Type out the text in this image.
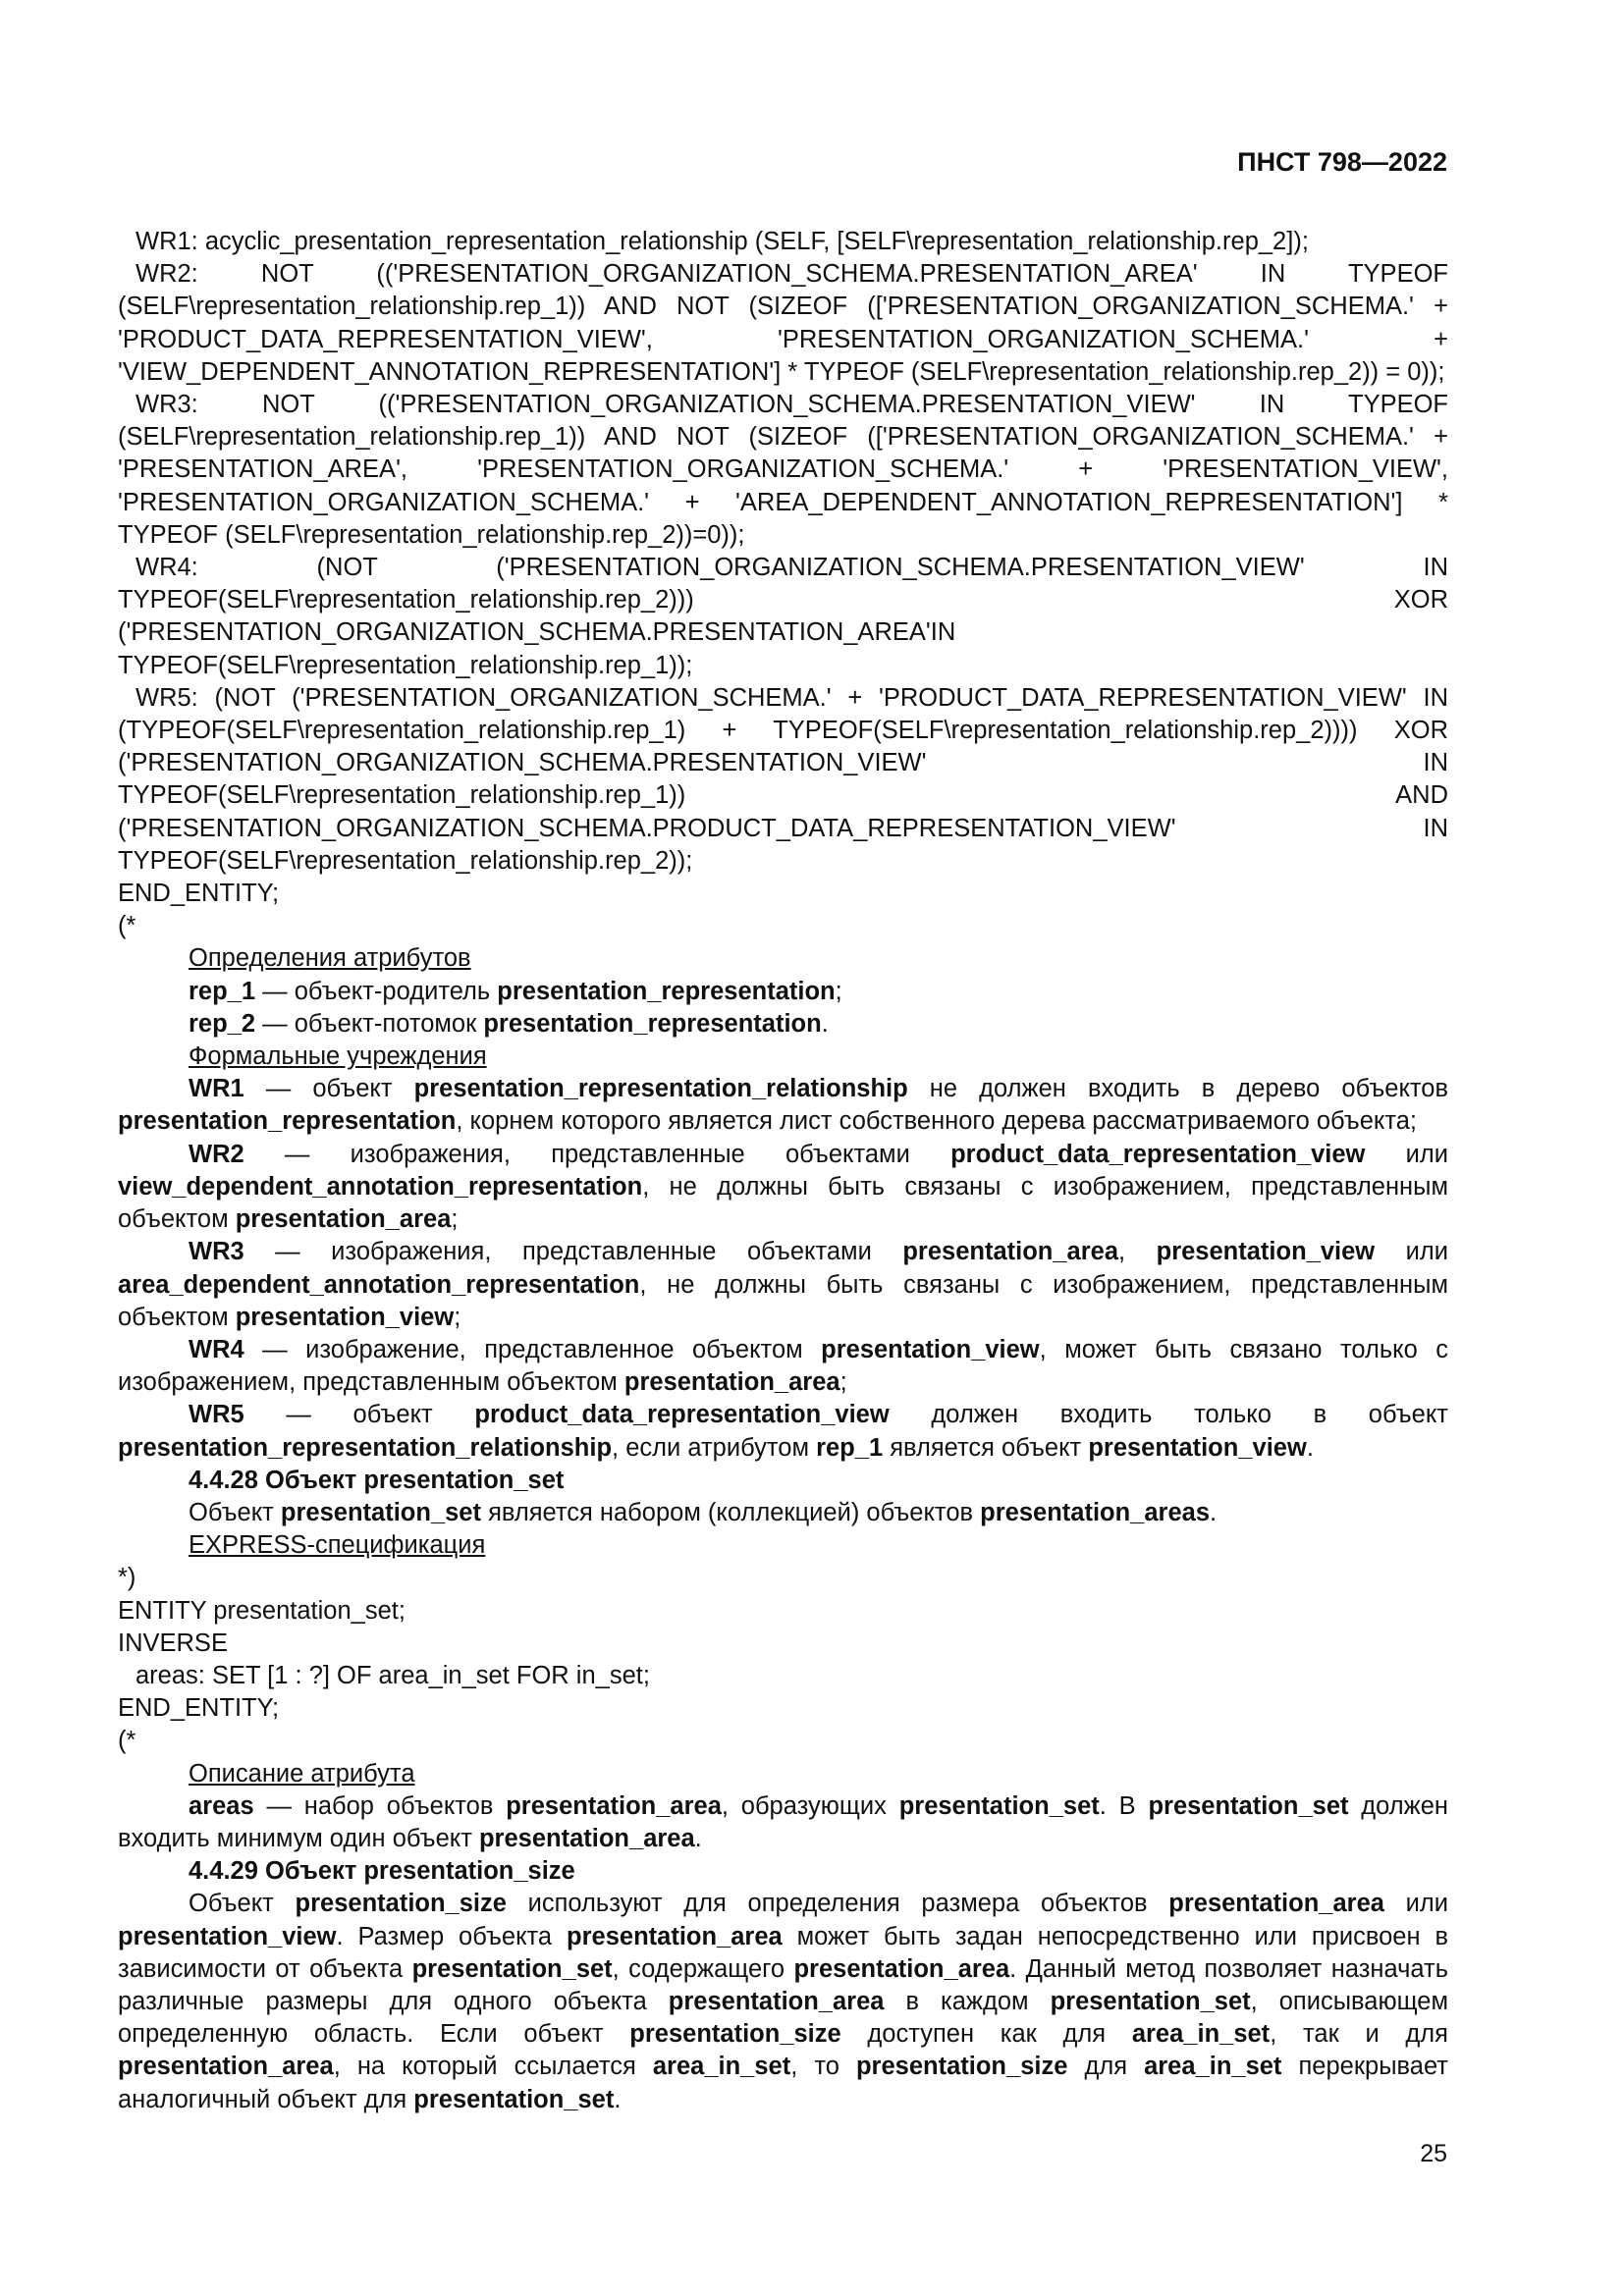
ПНСТ 798—2022

WR1: acyclic_presentation_representation_relationship (SELF, [SELF\representation_relationship.rep_2]);

WR2: NOT (('PRESENTATION_ORGANIZATION_SCHEMA.PRESENTATION_AREA' IN TYPEOF (SELF\representation_relationship.rep_1)) AND NOT (SIZEOF (['PRESENTATION_ORGANIZATION_SCHEMA.' + 'PRODUCT_DATA_REPRESENTATION_VIEW', 'PRESENTATION_ORGANIZATION_SCHEMA.' + 'VIEW_DEPENDENT_ANNOTATION_REPRESENTATION'] * TYPEOF (SELF\representation_relationship.rep_2)) = 0));

WR3: NOT (('PRESENTATION_ORGANIZATION_SCHEMA.PRESENTATION_VIEW' IN TYPEOF (SELF\representation_relationship.rep_1)) AND NOT (SIZEOF (['PRESENTATION_ORGANIZATION_SCHEMA.' + 'PRESENTATION_AREA', 'PRESENTATION_ORGANIZATION_SCHEMA.' + 'PRESENTATION_VIEW', 'PRESENTATION_ORGANIZATION_SCHEMA.' + 'AREA_DEPENDENT_ANNOTATION_REPRESENTATION'] * TYPEOF (SELF\representation_relationship.rep_2))=0));

WR4: (NOT ('PRESENTATION_ORGANIZATION_SCHEMA.PRESENTATION_VIEW' IN TYPEOF(SELF\representation_relationship.rep_2))) XOR ('PRESENTATION_ORGANIZATION_SCHEMA.PRESENTATION_AREA'IN TYPEOF(SELF\representation_relationship.rep_1));

WR5: (NOT ('PRESENTATION_ORGANIZATION_SCHEMA.' + 'PRODUCT_DATA_REPRESENTATION_VIEW' IN (TYPEOF(SELF\representation_relationship.rep_1) + TYPEOF(SELF\representation_relationship.rep_2)))) XOR ('PRESENTATION_ORGANIZATION_SCHEMA.PRESENTATION_VIEW' IN TYPEOF(SELF\representation_relationship.rep_1)) AND ('PRESENTATION_ORGANIZATION_SCHEMA.PRODUCT_DATA_REPRESENTATION_VIEW' IN TYPEOF(SELF\representation_relationship.rep_2));

END_ENTITY;

(*

Определения атрибутов

rep_1 — объект-родитель presentation_representation;

rep_2 — объект-потомок presentation_representation.

Формальные учреждения

WR1 — объект presentation_representation_relationship не должен входить в дерево объектов presentation_representation, корнем которого является лист собственного дерева рассматриваемого объекта;

WR2 — изображения, представленные объектами product_data_representation_view или view_dependent_annotation_representation, не должны быть связаны с изображением, представленным объектом presentation_area;

WR3 — изображения, представленные объектами presentation_area, presentation_view или area_dependent_annotation_representation, не должны быть связаны с изображением, представленным объектом presentation_view;

WR4 — изображение, представленное объектом presentation_view, может быть связано только с изображением, представленным объектом presentation_area;

WR5 — объект product_data_representation_view должен входить только в объект presentation_representation_relationship, если атрибутом rep_1 является объект presentation_view.

4.4.28 Объект presentation_set

Объект presentation_set является набором (коллекцией) объектов presentation_areas.

EXPRESS-спецификация

*)

ENTITY presentation_set;

INVERSE

areas: SET [1 : ?] OF area_in_set FOR in_set;

END_ENTITY;

(*

Описание атрибута

areas — набор объектов presentation_area, образующих presentation_set. В presentation_set должен входить минимум один объект presentation_area.

4.4.29 Объект presentation_size

Объект presentation_size используют для определения размера объектов presentation_area или presentation_view. Размер объекта presentation_area может быть задан непосредственно или присвоен в зависимости от объекта presentation_set, содержащего presentation_area. Данный метод позволяет назначать различные размеры для одного объекта presentation_area в каждом presentation_set, описывающем определенную область. Если объект presentation_size доступен как для area_in_set, так и для presentation_area, на который ссылается area_in_set, то presentation_size для area_in_set перекрывает аналогичный объект для presentation_set.

25
